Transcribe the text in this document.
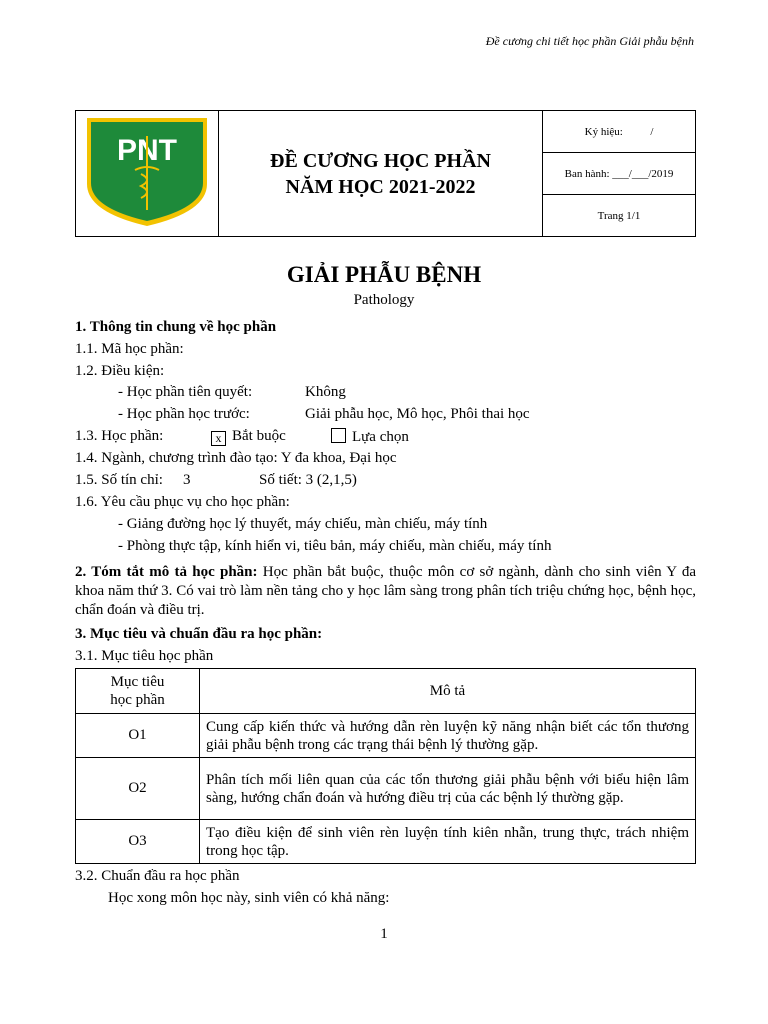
Đề cương chi tiết học phần Giải phẫu bệnh
PNT	ĐỀ CƯƠNG HỌC PHẦN
NĂM HỌC 2021-2022
	Ký hiệu:          /
Ban hành: ___/___/2019
Trang 1/1
GIẢI PHẪU BỆNH
Pathology
1. Thông tin chung về học phần
1.1. Mã học phần:
1.2. Điều kiện:
- Học phần tiên quyết:	Không
- Học phần học trước:	Giải phẫu học, Mô học, Phôi thai học
1.3. Học phần:	x Bắt buộc	Lựa chọn
1.4. Ngành, chương trình đào tạo: Y đa khoa, Đại học
1.5. Số tín chỉ: 3	Số tiết: 3 (2,1,5)
1.6. Yêu cầu phục vụ cho học phần:
- Giảng đường học lý thuyết, máy chiếu, màn chiếu, máy tính
- Phòng thực tập, kính hiển vi, tiêu bản, máy chiếu, màn chiếu, máy tính
2. Tóm tắt mô tả học phần: Học phần bắt buộc, thuộc môn cơ sở ngành, dành cho sinh viên Y đa khoa năm thứ 3. Có vai trò làm nền tảng cho y học lâm sàng trong phân tích triệu chứng học, bệnh học, chẩn đoán và điều trị.
3. Mục tiêu và chuẩn đầu ra học phần:
3.1. Mục tiêu học phần
Mục tiêu
học phần	Mô tả
O1	Cung cấp kiến thức và hướng dẫn rèn luyện kỹ năng nhận biết các tổn thương giải phẫu bệnh trong các trạng thái bệnh lý thường gặp.
O2	Phân tích mối liên quan của các tổn thương giải phẫu bệnh với biểu hiện lâm sàng, hướng chẩn đoán và hướng điều trị của các bệnh lý thường gặp.
O3	Tạo điều kiện để sinh viên rèn luyện tính kiên nhẫn, trung thực, trách nhiệm trong học tập.
3.2. Chuẩn đầu ra học phần
Học xong môn học này, sinh viên có khả năng:
1
